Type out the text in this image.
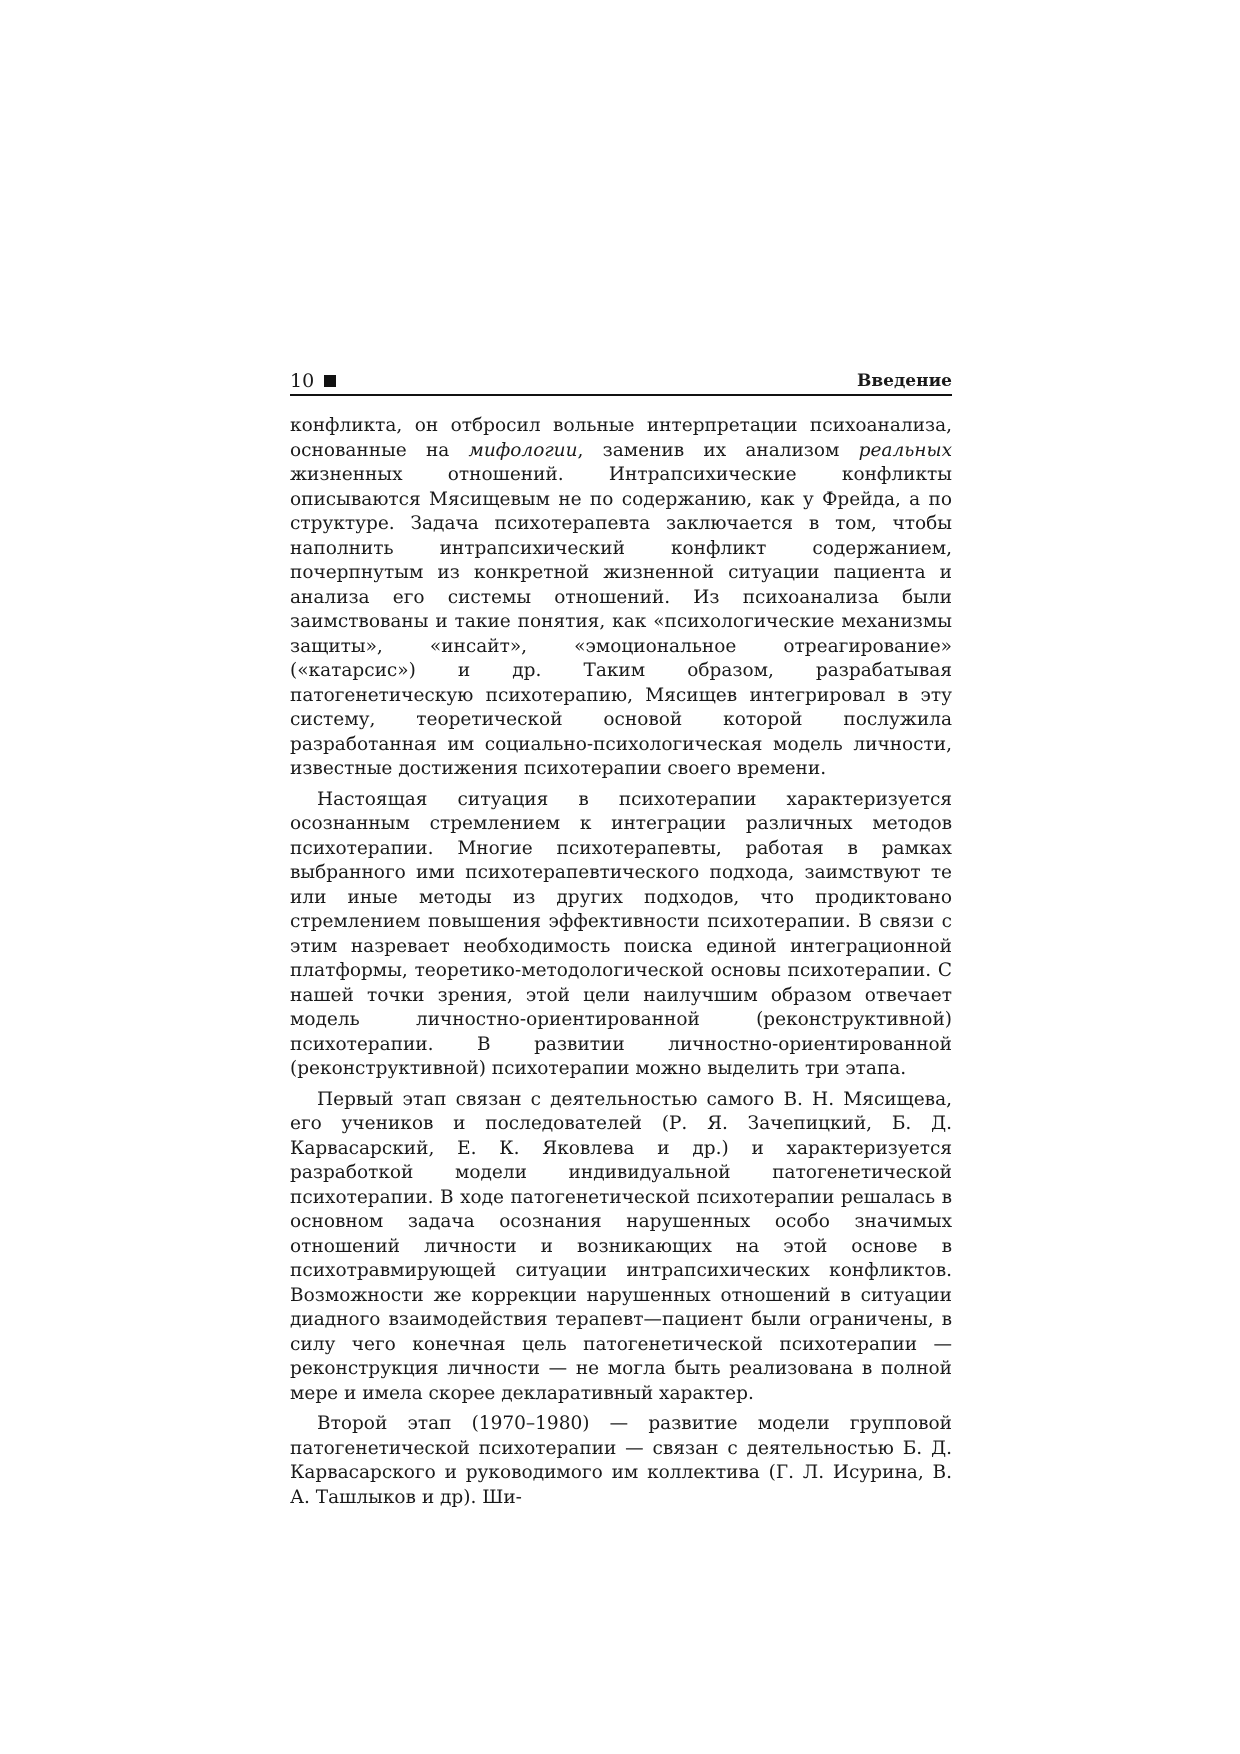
10	Введение

конфликта, он отбросил вольные интерпретации психоанализа, основанные на мифологии, заменив их анализом реальных жизненных отношений. Интрапсихические конфликты описываются Мясищевым не по содержанию, как у Фрейда, а по структуре. Задача психотерапевта заключается в том, чтобы наполнить интрапсихический конфликт содержанием, почерпнутым из конкретной жизненной ситуации пациента и анализа его системы отношений. Из психоанализа были заимствованы и такие понятия, как «психологические механизмы защиты», «инсайт», «эмоциональное отреагирование» («катарсис») и др. Таким образом, разрабатывая патогенетическую психотерапию, Мясищев интегрировал в эту систему, теоретической основой которой послужила разработанная им социально-психологическая модель личности, известные достижения психотерапии своего времени.

Настоящая ситуация в психотерапии характеризуется осознанным стремлением к интеграции различных методов психотерапии. Многие психотерапевты, работая в рамках выбранного ими психотерапевтического подхода, заимствуют те или иные методы из других подходов, что продиктовано стремлением повышения эффективности психотерапии. В связи с этим назревает необходимость поиска единой интеграционной платформы, теоретико-методологической основы психотерапии. С нашей точки зрения, этой цели наилучшим образом отвечает модель личностно-ориентированной (реконструктивной) психотерапии. В развитии личностно-ориентированной (реконструктивной) психотерапии можно выделить три этапа.

Первый этап связан с деятельностью самого В. Н. Мясищева, его учеников и последователей (Р. Я. Зачепицкий, Б. Д. Карвасарский, Е. К. Яковлева и др.) и характеризуется разработкой модели индивидуальной патогенетической психотерапии. В ходе патогенетической психотерапии решалась в основном задача осознания нарушенных особо значимых отношений личности и возникающих на этой основе в психотравмирующей ситуации интрапсихических конфликтов. Возможности же коррекции нарушенных отношений в ситуации диадного взаимодействия терапевт—пациент были ограничены, в силу чего конечная цель патогенетической психотерапии — реконструкция личности — не могла быть реализована в полной мере и имела скорее декларативный характер.

Второй этап (1970–1980) — развитие модели групповой патогенетической психотерапии — связан с деятельностью Б. Д. Карвасарского и руководимого им коллектива (Г. Л. Исурина, В. А. Ташлыков и др). Ши-
